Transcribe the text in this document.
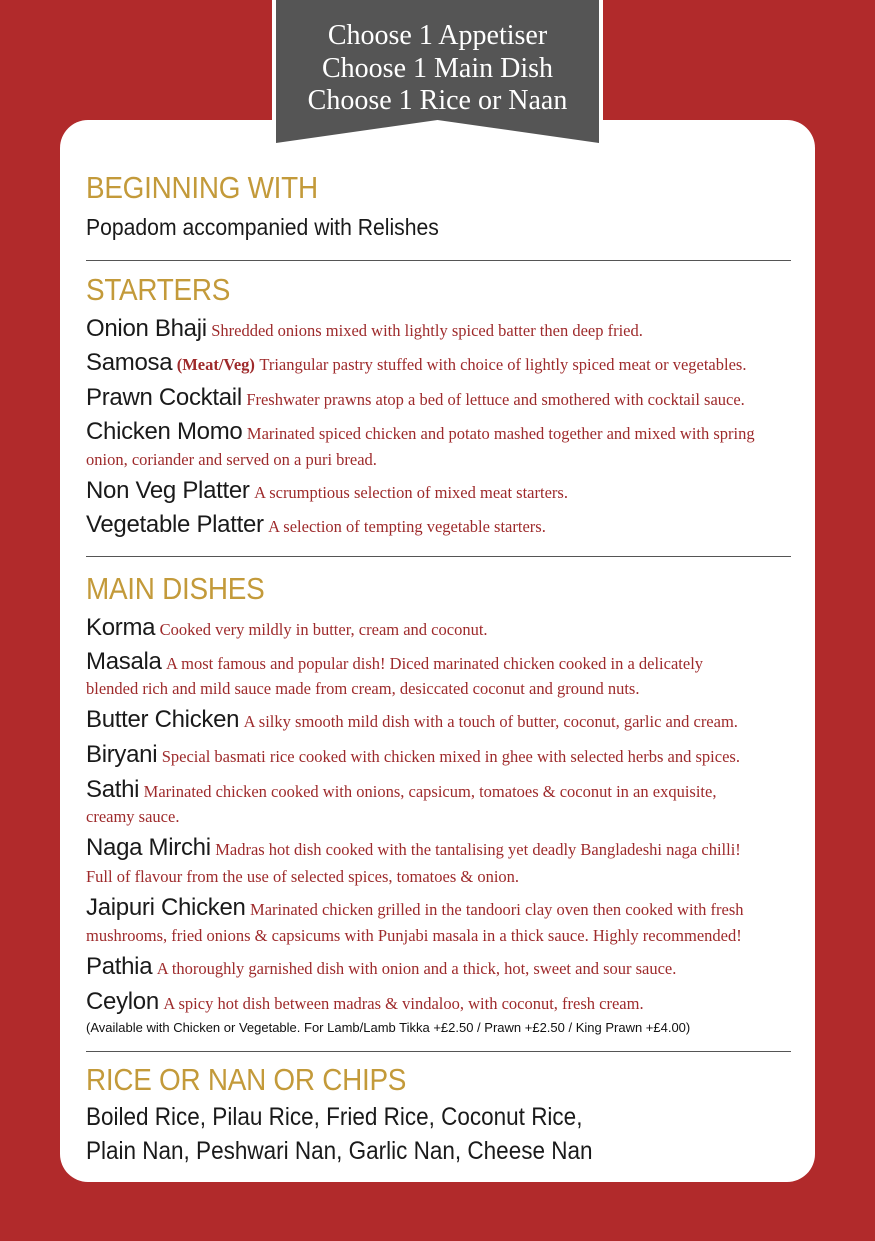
Choose 1 Appetiser
Choose 1 Main Dish
Choose 1 Rice or Naan
BEGINNING WITH
Popadom accompanied with Relishes
STARTERS
Onion Bhaji Shredded onions mixed with lightly spiced batter then deep fried.
Samosa (Meat/Veg) Triangular pastry stuffed with choice of lightly spiced meat or vegetables.
Prawn Cocktail Freshwater prawns atop a bed of lettuce and smothered with cocktail sauce.
Chicken Momo Marinated spiced chicken and potato mashed together and mixed with spring
onion, coriander and served on a puri bread.
Non Veg Platter A scrumptious selection of mixed meat starters.
Vegetable Platter A selection of tempting vegetable starters.
MAIN DISHES
Korma Cooked very mildly in butter, cream and coconut.
Masala A most famous and popular dish! Diced marinated chicken cooked in a delicately
blended rich and mild sauce made from cream, desiccated coconut and ground nuts.
Butter Chicken A silky smooth mild dish with a touch of butter, coconut, garlic and cream.
Biryani Special basmati rice cooked with chicken mixed in ghee with selected herbs and spices.
Sathi Marinated chicken cooked with onions, capsicum, tomatoes & coconut in an exquisite,
creamy sauce.
Naga Mirchi Madras hot dish cooked with the tantalising yet deadly Bangladeshi naga chilli!
Full of flavour from the use of selected spices, tomatoes & onion.
Jaipuri Chicken Marinated chicken grilled in the tandoori clay oven then cooked with fresh
mushrooms, fried onions & capsicums with Punjabi masala in a thick sauce. Highly recommended!
Pathia A thoroughly garnished dish with onion and a thick, hot, sweet and sour sauce.
Ceylon A spicy hot dish between madras & vindaloo, with coconut, fresh cream.
(Available with Chicken or Vegetable. For Lamb/Lamb Tikka +£2.50 / Prawn +£2.50 / King Prawn +£4.00)
RICE OR NAN OR CHIPS
Boiled Rice, Pilau Rice, Fried Rice, Coconut Rice,
Plain Nan, Peshwari Nan, Garlic Nan, Cheese Nan
